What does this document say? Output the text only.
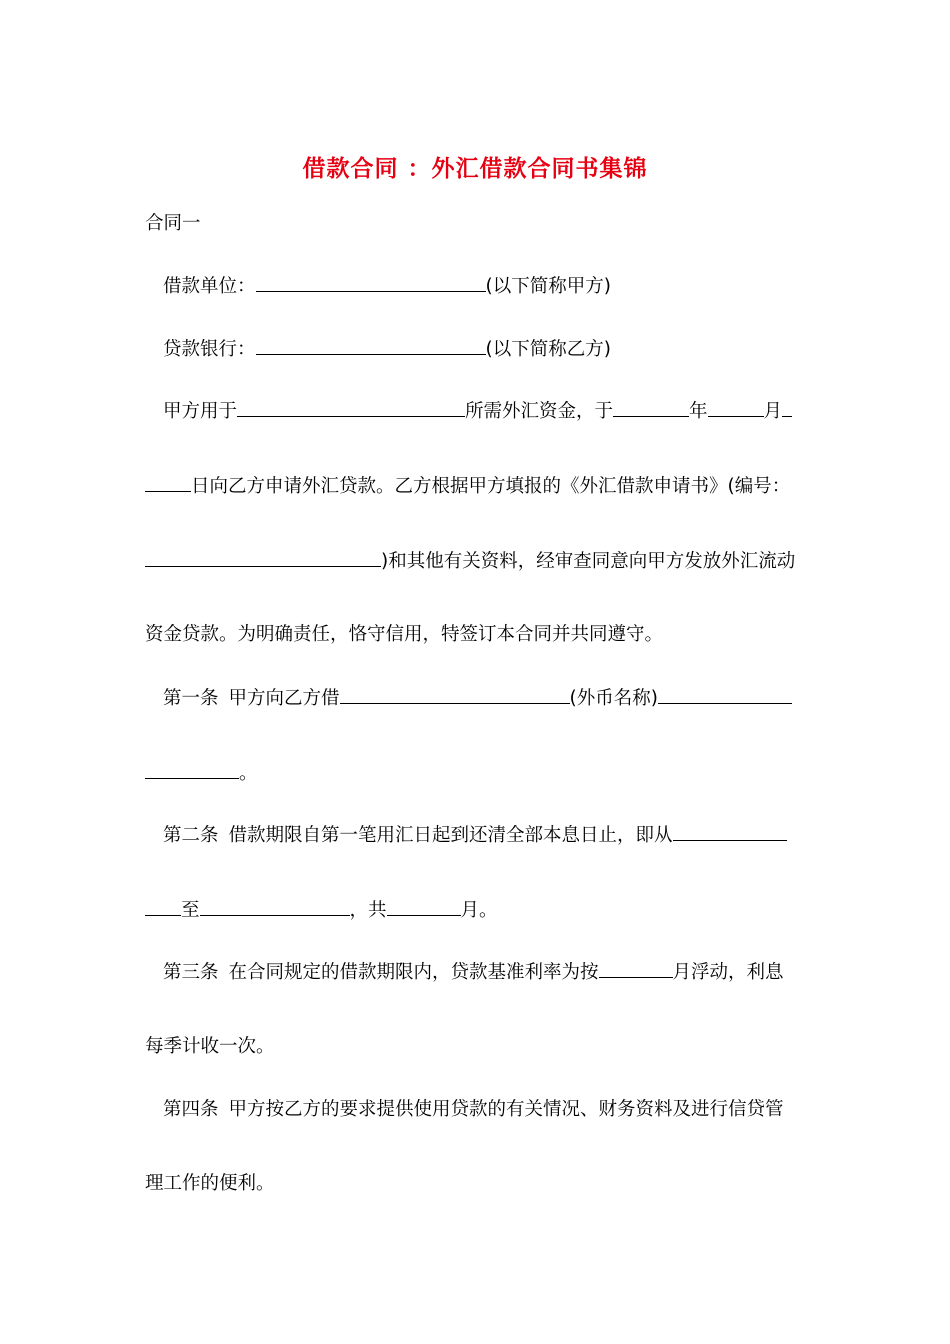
借款合同 ：外汇借款合同书集锦
合同一
借款单位：	(以下简称甲方)
贷款银行：	(以下简称乙方)
甲方用于	所需外汇资金，于	年	月
日向乙方申请外汇贷款。乙方根据甲方填报的《外汇借款申请书》(编号：
)和其他有关资料，经审查同意向甲方发放外汇流动
资金贷款。为明确责任，恪守信用，特签订本合同并共同遵守。
第一条 甲方向乙方借	(外币名称)
。
第二条 借款期限自第一笔用汇日起到还清全部本息日止，即从
至	，共	月。
第三条 在合同规定的借款期限内，贷款基准利率为按	月浮动，利息
每季计收一次。
第四条 甲方按乙方的要求提供使用贷款的有关情况、财务资料及进行信贷管
理工作的便利。
